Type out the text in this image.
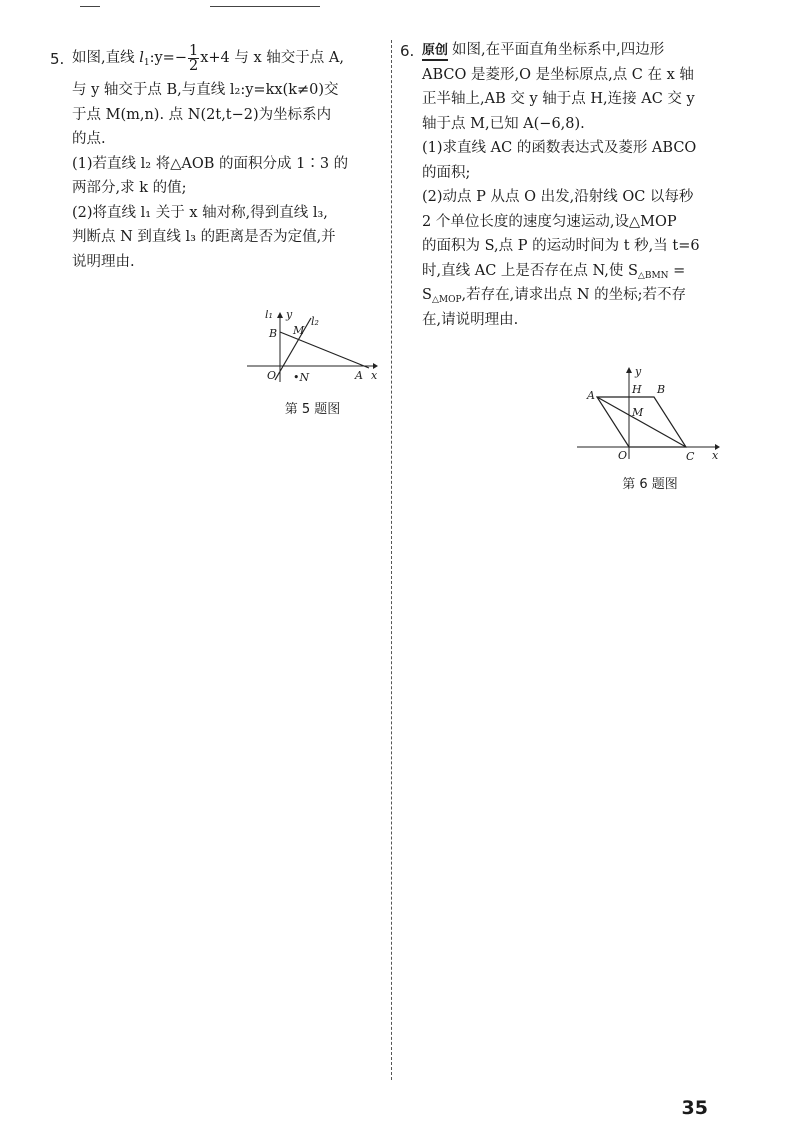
5. 如图,直线 $l_1:y=- \frac{1}{2} x+4$ 与 x 轴交于点 A,
与 y 轴交于点 B,与直线 l₂:y=kx(k≠0)交
于点 M(m,n). 点 N(2t,t−2)为坐标系内
的点.
(1)若直线 l₂ 将△AOB 的面积分成 1∶3 的
两部分,求 k 的值;
(2)将直线 l₁ 关于 x 轴对称,得到直线 l₃,
判断点 N 到直线 l₃ 的距离是否为定值,并
说明理由.

l₁ y
M
l₂
B
O •N	A x
第 5 题图
6. 原创 如图,在平面直角坐标系中,四边形
ABCO 是菱形,O 是坐标原点,点 C 在 x 轴
正半轴上,AB 交 y 轴于点 H,连接 AC 交 y
轴于点 M,已知 A(−6,8).
(1)求直线 AC 的函数表达式及菱形 ABCO
的面积;
(2)动点 P 从点 O 出发,沿射线 OC 以每秒
2 个单位长度的速度匀速运动,设△MOP
的面积为 S,点 P 的运动时间为 t 秒,当 t=6
时,直线 AC 上是否存在点 N,使 $S_{\triangle BMN}$ =
$S_{\triangle MOP}$,若存在,请求出点 N 的坐标;若不存
在,请说明理由.

y
H B
A
M
O	C x
第 6 题图
35
